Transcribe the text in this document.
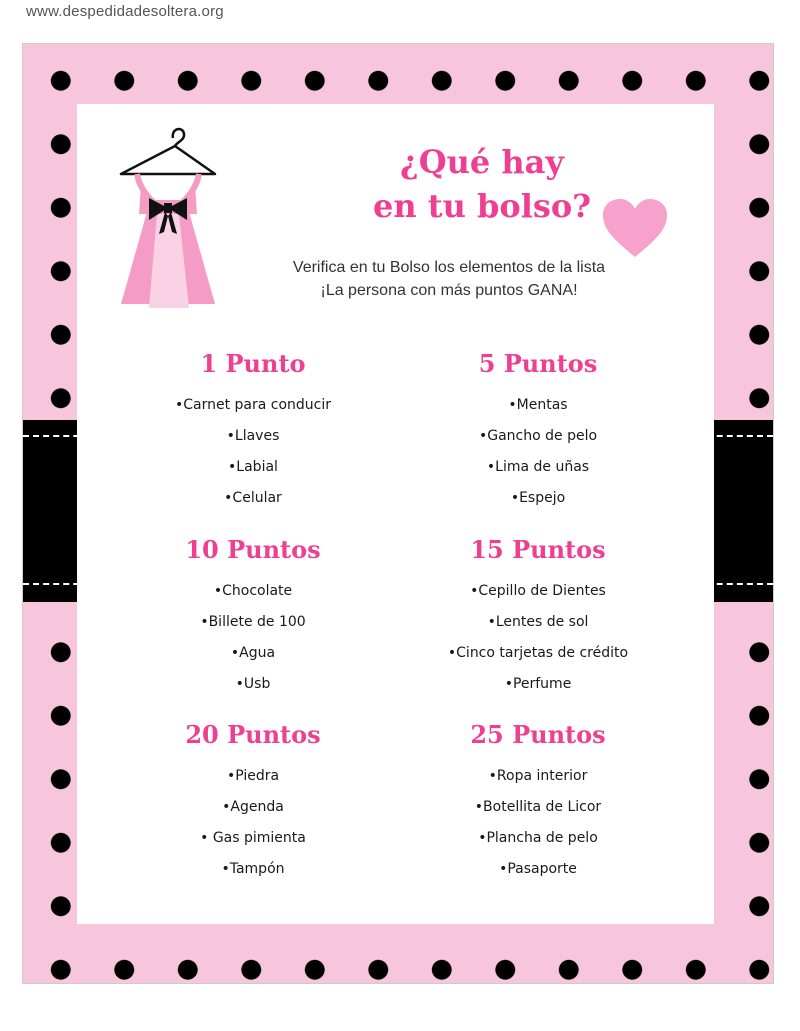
www.despedidadesoltera.org
¿Qué hay
en tu bolso?
Verifica en tu Bolso los elementos de la lista
¡La persona con más puntos GANA!
1 Punto
•Carnet para conducir
•Llaves
•Labial
•Celular
5 Puntos
•Mentas
•Gancho de pelo
•Lima de uñas
•Espejo
10 Puntos
•Chocolate
•Billete de 100
•Agua
•Usb
15 Puntos
•Cepillo de Dientes
•Lentes de sol
•Cinco tarjetas de crédito
•Perfume
20 Puntos
•Piedra
•Agenda
• Gas pimienta
•Tampón
25 Puntos
•Ropa interior
•Botellita de Licor
•Plancha de pelo
•Pasaporte
